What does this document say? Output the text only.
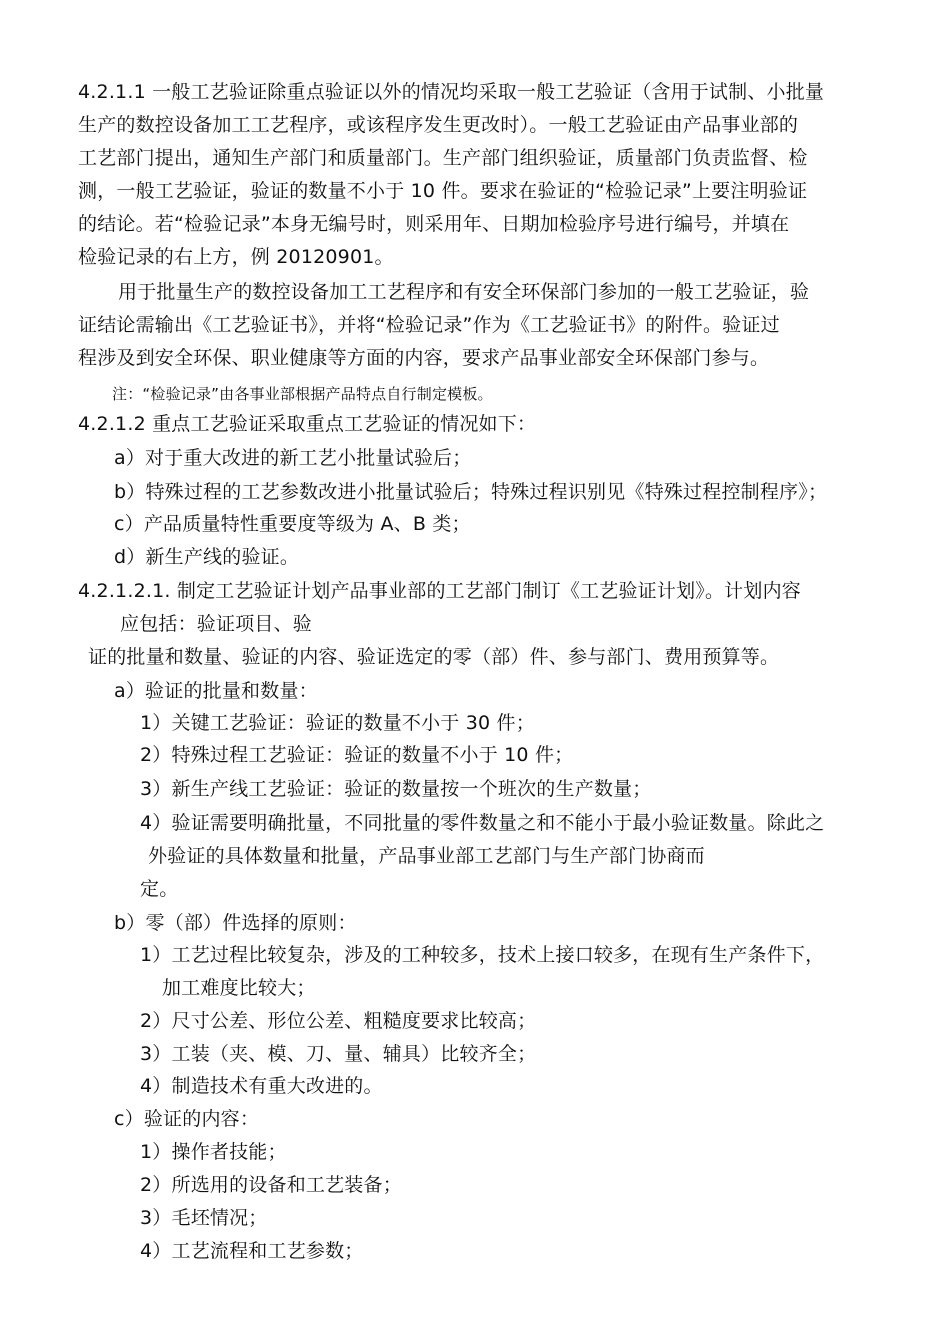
4.2.1.1 一般工艺验证除重点验证以外的情况均采取一般工艺验证（含用于试制、小批量
生产的数控设备加工工艺程序，或该程序发生更改时）。一般工艺验证由产品事业部的
工艺部门提出，通知生产部门和质量部门。生产部门组织验证，质量部门负责监督、检
测，一般工艺验证，验证的数量不小于 10 件。要求在验证的“检验记录”上要注明验证
的结论。若“检验记录”本身无编号时，则采用年、日期加检验序号进行编号，并填在
检验记录的右上方，例 20120901。
用于批量生产的数控设备加工工艺程序和有安全环保部门参加的一般工艺验证，验
证结论需输出《工艺验证书》，并将“检验记录”作为《工艺验证书》的附件。验证过
程涉及到安全环保、职业健康等方面的内容，要求产品事业部安全环保部门参与。
注：“检验记录”由各事业部根据产品特点自行制定模板。
4.2.1.2 重点工艺验证采取重点工艺验证的情况如下：
a）对于重大改进的新工艺小批量试验后；
b）特殊过程的工艺参数改进小批量试验后；特殊过程识别见《特殊过程控制程序》；
c）产品质量特性重要度等级为 A、B 类；
d）新生产线的验证。
4.2.1.2.1. 制定工艺验证计划产品事业部的工艺部门制订《工艺验证计划》。计划内容
应包括：验证项目、验
证的批量和数量、验证的内容、验证选定的零（部）件、参与部门、费用预算等。
a）验证的批量和数量：
1）关键工艺验证：验证的数量不小于 30 件；
2）特殊过程工艺验证：验证的数量不小于 10 件；
3）新生产线工艺验证：验证的数量按一个班次的生产数量；
4）验证需要明确批量，不同批量的零件数量之和不能小于最小验证数量。除此之
外验证的具体数量和批量，产品事业部工艺部门与生产部门协商而
定。
b）零（部）件选择的原则：
1）工艺过程比较复杂，涉及的工种较多，技术上接口较多，在现有生产条件下，
加工难度比较大；
2）尺寸公差、形位公差、粗糙度要求比较高；
3）工装（夹、模、刀、量、辅具）比较齐全；
4）制造技术有重大改进的。
c）验证的内容：
1）操作者技能；
2）所选用的设备和工艺装备；
3）毛坯情况；
4）工艺流程和工艺参数；
